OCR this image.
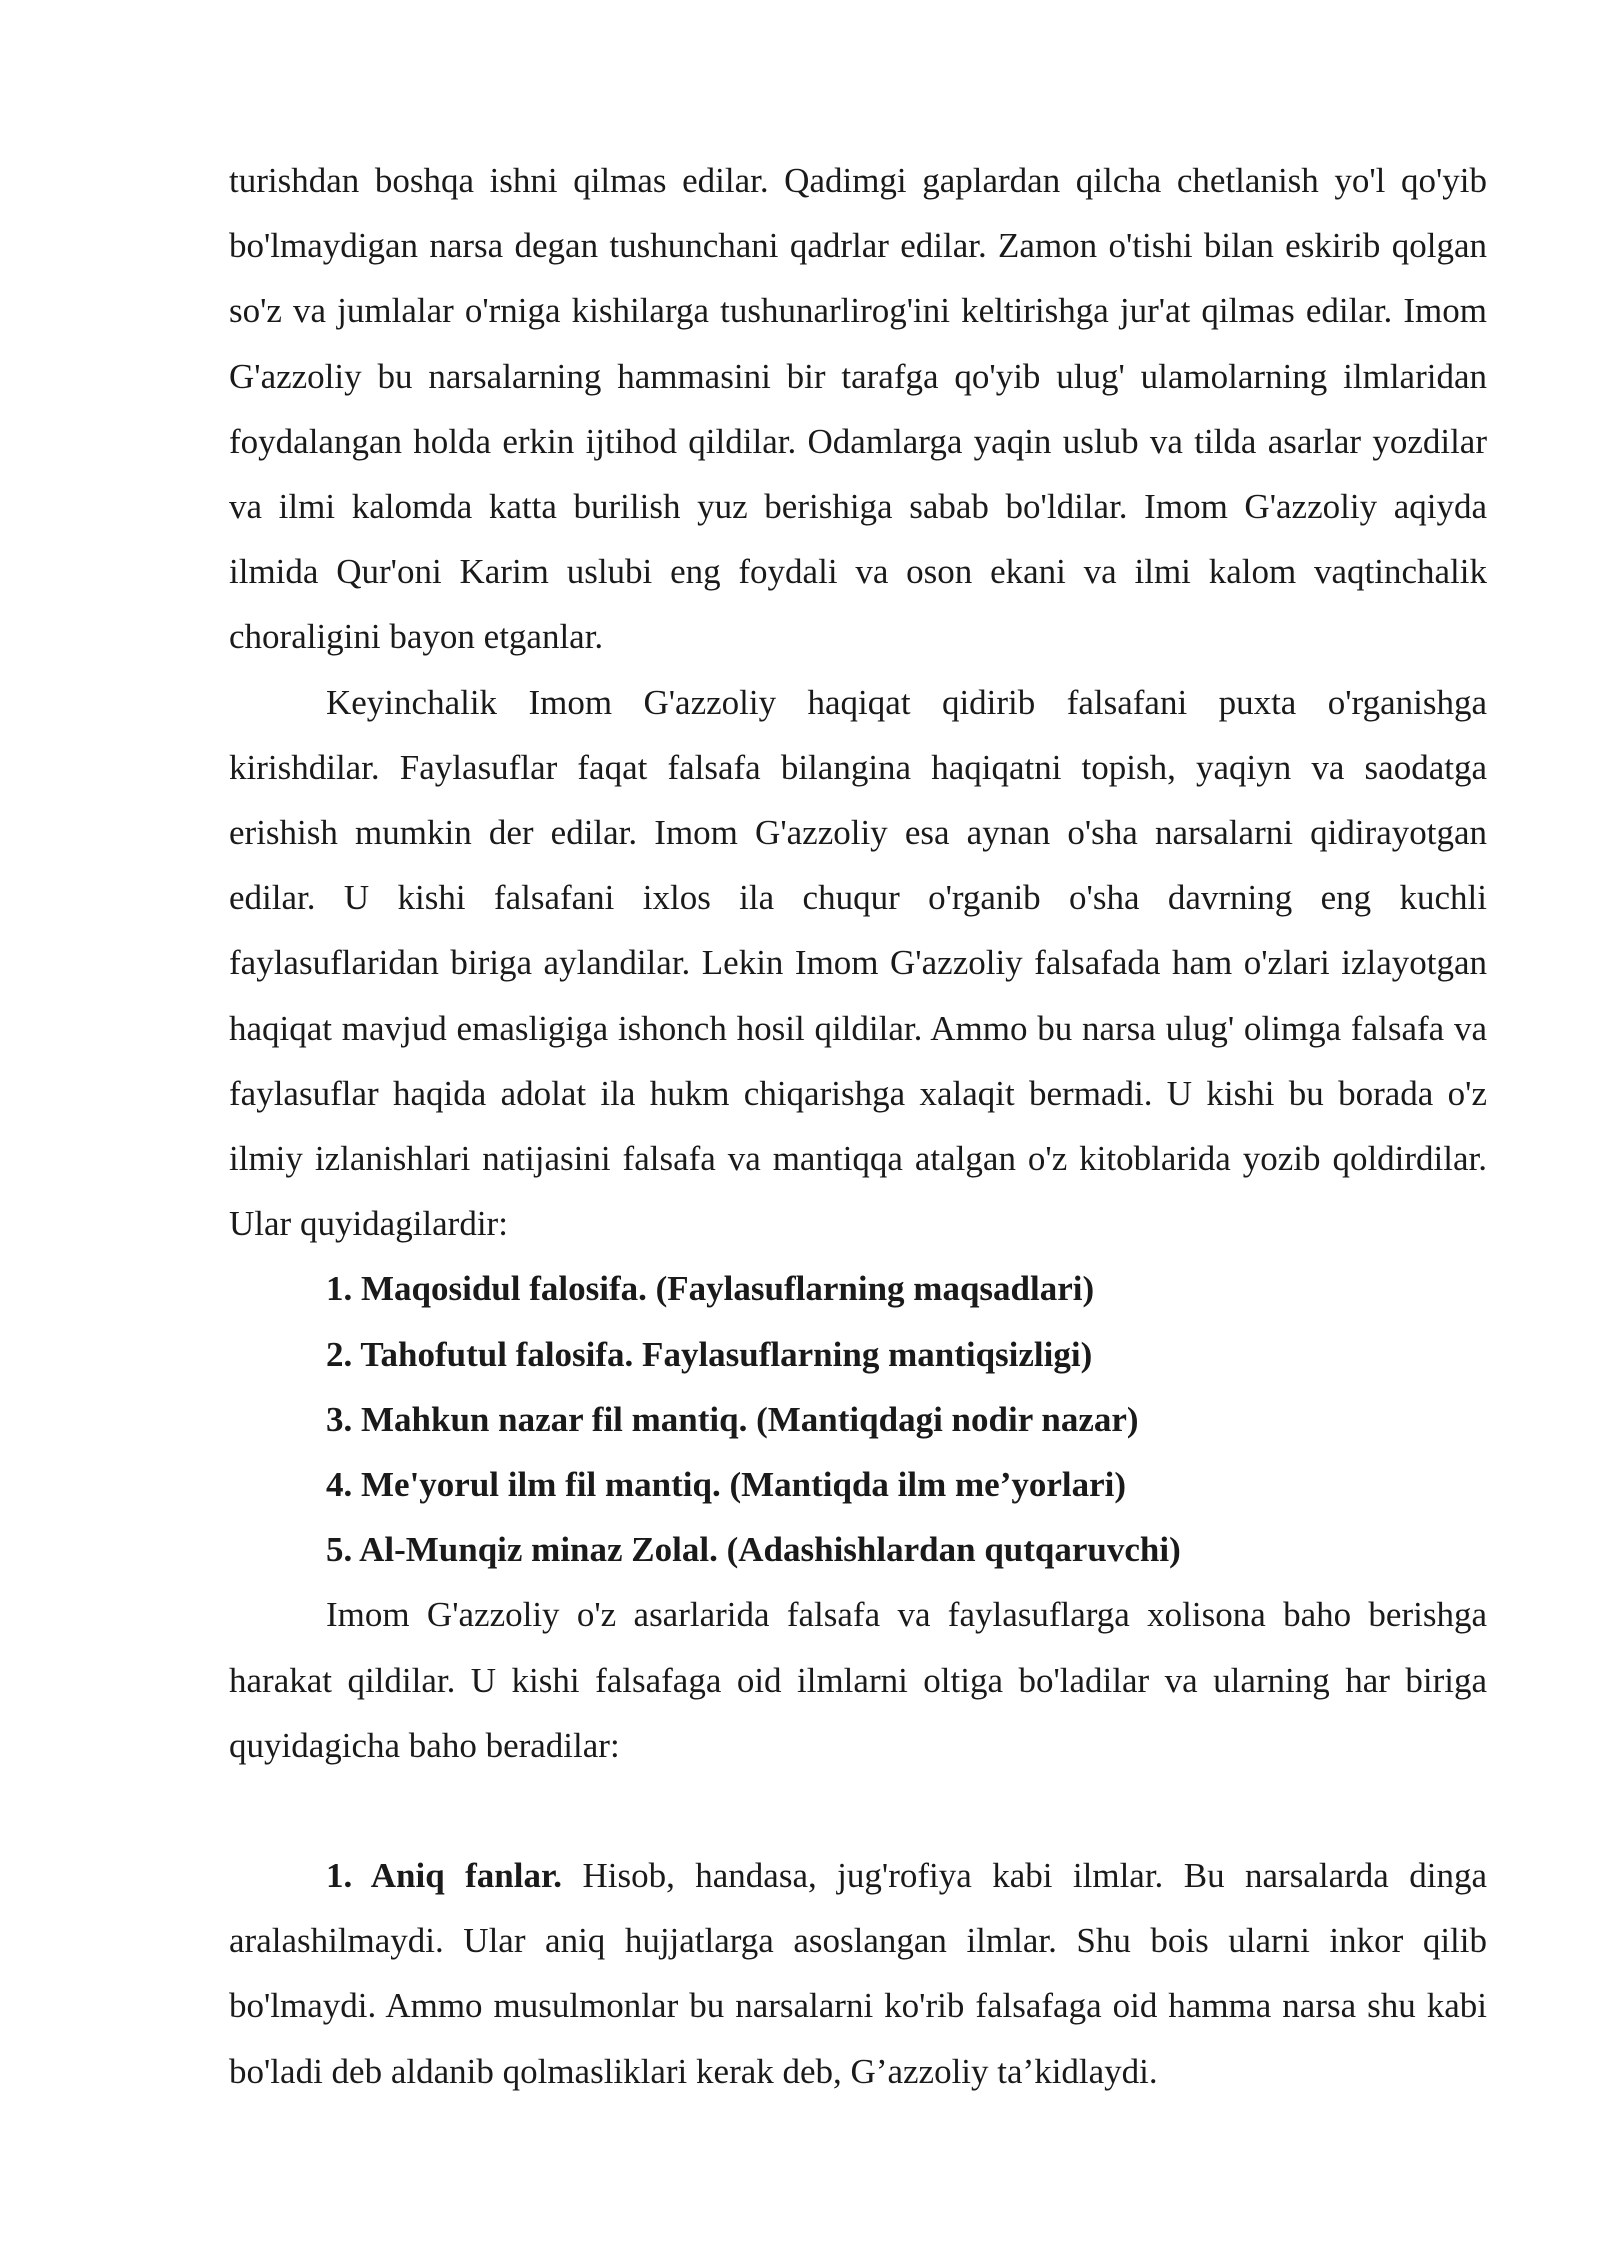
turishdan boshqa ishni qilmas edilar. Qadimgi gaplardan qilcha chetlanish yo'l qo'yib bo'lmaydigan narsa degan tushunchani qadrlar edilar. Zamon o'tishi bilan eskirib qolgan so'z va jumlalar o'rniga kishilarga tushunarlirog'ini keltirishga jur'at qilmas edilar. Imom G'azzoliy bu narsalarning hammasini bir tarafga qo'yib ulug' ulamolarning ilmlaridan foydalangan holda erkin ijtihod qildilar. Odamlarga yaqin uslub va tilda asarlar yozdilar va ilmi kalomda katta burilish yuz berishiga sabab bo'ldilar. Imom G'azzoliy aqiyda ilmida Qur'oni Karim uslubi eng foydali va oson ekani va ilmi kalom vaqtinchalik choraligini bayon etganlar.

Keyinchalik Imom G'azzoliy haqiqat qidirib falsafani puxta o'rganishga kirishdilar. Faylasuflar faqat falsafa bilangina haqiqatni topish, yaqiyn va saodatga erishish mumkin der edilar. Imom G'azzoliy esa aynan o'sha narsalarni qidirayotgan edilar. U kishi falsafani ixlos ila chuqur o'rganib o'sha davrning eng kuchli faylasuflaridan biriga aylandilar. Lekin Imom G'azzoliy falsafada ham o'zlari izlayotgan haqiqat mavjud emasligiga ishonch hosil qildilar. Ammo bu narsa ulug' olimga falsafa va faylasuflar haqida adolat ila hukm chiqarishga xalaqit bermadi. U kishi bu borada o'z ilmiy izlanishlari natijasini falsafa va mantiqqa atalgan o'z kitoblarida yozib qoldirdilar. Ular quyidagilardir:

1. Maqosidul falosifa. (Faylasuflarning maqsadlari)

2. Tahofutul falosifa. Faylasuflarning mantiqsizligi)

3. Mahkun nazar fil mantiq. (Mantiqdagi nodir nazar)

4. Me'yorul ilm fil mantiq. (Mantiqda ilm me’yorlari)

5. Al-Munqiz minaz Zolal. (Adashishlardan qutqaruvchi)

Imom G'azzoliy o'z asarlarida falsafa va faylasuflarga xolisona baho berishga harakat qildilar. U kishi falsafaga oid ilmlarni oltiga bo'ladilar va ularning har biriga quyidagicha baho beradilar:

1. Aniq fanlar. Hisob, handasa, jug'rofiya kabi ilmlar. Bu narsalarda dinga aralashilmaydi. Ular aniq hujjatlarga asoslangan ilmlar. Shu bois ularni inkor qilib bo'lmaydi. Ammo musulmonlar bu narsalarni ko'rib falsafaga oid hamma narsa shu kabi bo'ladi deb aldanib qolmasliklari kerak deb, G’azzoliy ta’kidlaydi.
